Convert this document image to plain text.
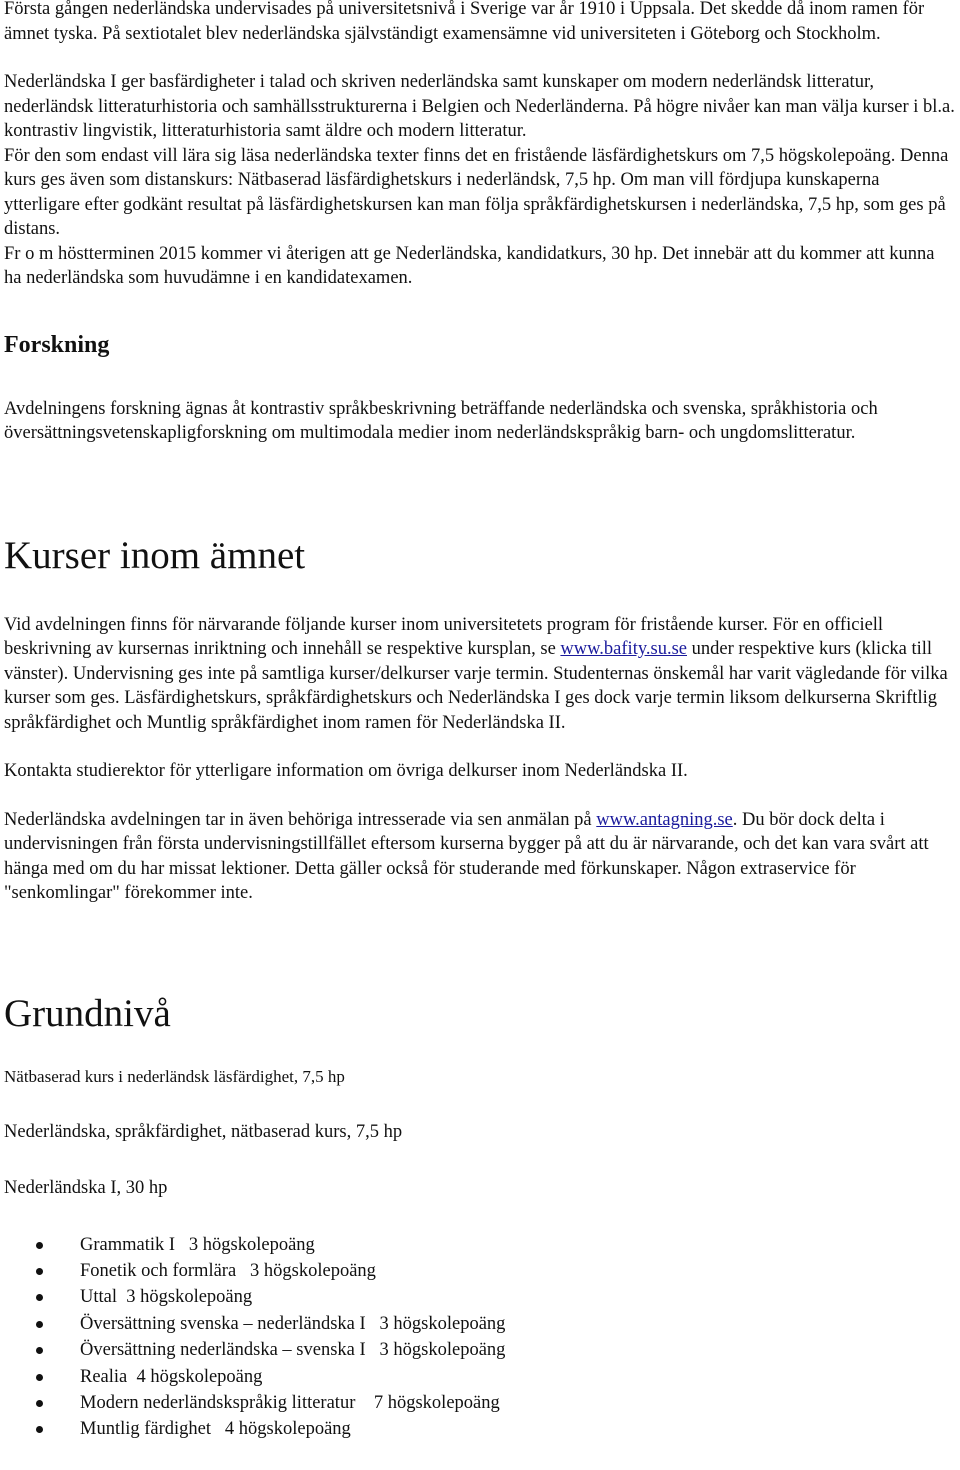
Första gången nederländska undervisades på universitetsnivå i Sverige var år 1910 i Uppsala. Det skedde då inom ramen för ämnet tyska. På sextiotalet blev nederländska självständigt examensämne vid universiteten i Göteborg och Stockholm.

Nederländska I ger basfärdigheter i talad och skriven nederländska samt kunskaper om modern nederländsk litteratur, nederländsk litteraturhistoria och samhällsstrukturerna i Belgien och Nederländerna. På högre nivåer kan man välja kurser i bl.a. kontrastiv lingvistik, litteraturhistoria samt äldre och modern litteratur.

För den som endast vill lära sig läsa nederländska texter finns det en fristående läsfärdighetskurs om 7,5 högskolepoäng. Denna kurs ges även som distanskurs: Nätbaserad läsfärdighetskurs i nederländsk, 7,5 hp. Om man vill fördjupa kunskaperna ytterligare efter godkänt resultat på läsfärdighetskursen kan man följa språkfärdighetskursen i nederländska, 7,5 hp, som ges på distans.

Fr o m höstterminen 2015 kommer vi återigen att ge Nederländska, kandidatkurs, 30 hp. Det innebär att du kommer att kunna ha nederländska som huvudämne i en kandidatexamen.

Forskning

Avdelningens forskning ägnas åt kontrastiv språkbeskrivning beträffande nederländska och svenska, språkhistoria och översättningsvetenskapligforskning om multimodala medier inom nederländskspråkig barn- och ungdomslitteratur.

Kurser inom ämnet

Vid avdelningen finns för närvarande följande kurser inom universitetets program för fristående kurser. För en officiell beskrivning av kursernas inriktning och innehåll se respektive kursplan, se www.bafity.su.se under respektive kurs (klicka till vänster). Undervisning ges inte på samtliga kurser/delkurser varje termin. Studenternas önskemål har varit vägledande för vilka kurser som ges. Läsfärdighetskurs, språkfärdighetskurs och Nederländska I ges dock varje termin liksom delkurserna Skriftlig språkfärdighet och Muntlig språkfärdighet inom ramen för Nederländska II.

Kontakta studierektor för ytterligare information om övriga delkurser inom Nederländska II.

Nederländska avdelningen tar in även behöriga intresserade via sen anmälan på www.antagning.se. Du bör dock delta i undervisningen från första undervisningstillfället eftersom kurserna bygger på att du är närvarande, och det kan vara svårt att hänga med om du har missat lektioner. Detta gäller också för studerande med förkunskaper. Någon extraservice för "senkomlingar" förekommer inte.

Grundnivå

Nätbaserad kurs i nederländsk läsfärdighet, 7,5 hp

Nederländska, språkfärdighet, nätbaserad kurs, 7,5 hp

Nederländska I, 30 hp

Grammatik I   3 högskolepoäng
Fonetik och formlära   3 högskolepoäng
Uttal  3 högskolepoäng
Översättning svenska – nederländska I   3 högskolepoäng
Översättning nederländska – svenska I   3 högskolepoäng
Realia  4 högskolepoäng
Modern nederländskspråkig litteratur    7 högskolepoäng
Muntlig färdighet   4 högskolepoäng
